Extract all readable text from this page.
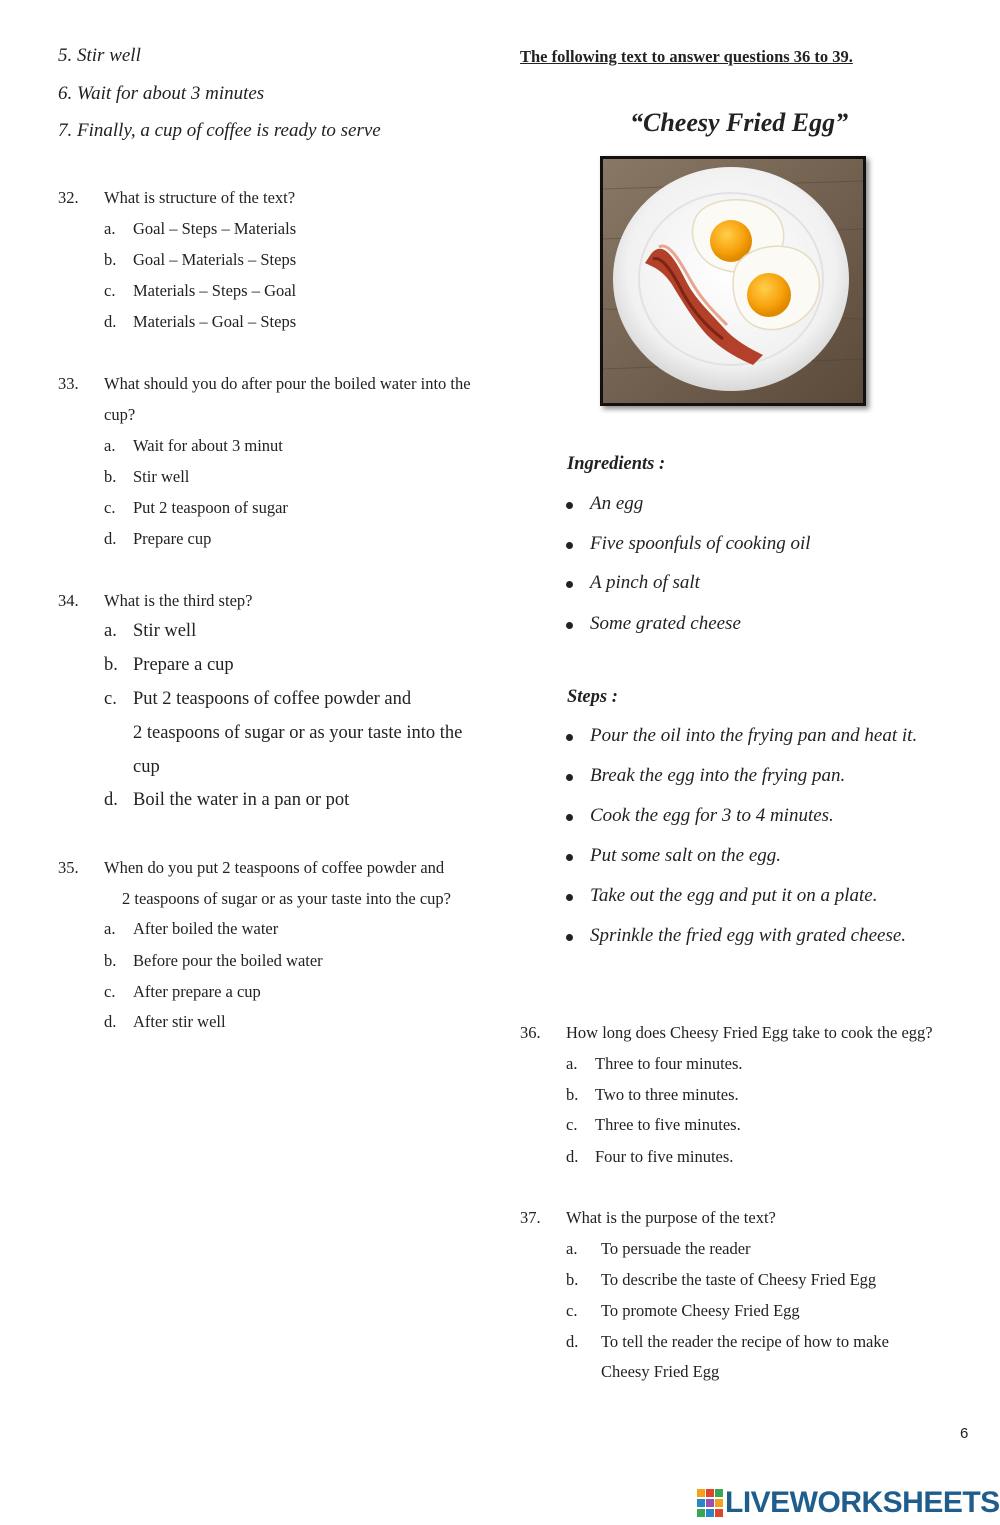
5. Stir well
6. Wait for about 3 minutes
7. Finally, a cup of coffee is ready to serve
32. What is structure of the text?
a. Goal – Steps – Materials
b. Goal – Materials – Steps
c. Materials – Steps – Goal
d. Materials – Goal – Steps
33. What should you do after pour the boiled water into the
cup?
a. Wait for about 3 minut
b. Stir well
c. Put 2 teaspoon of sugar
d. Prepare cup
34. What is the third step?
a. Stir well
b. Prepare a cup
c. Put 2 teaspoons of coffee powder and
2 teaspoons of sugar or as your taste into the
cup
d. Boil the water in a pan or pot
35. When do you put 2 teaspoons of coffee powder and
2 teaspoons of sugar or as your taste into the cup?
a. After boiled the water
b. Before pour the boiled water
c. After prepare a cup
d. After stir well
The following text to answer questions 36 to 39.
“Cheesy Fried Egg”
Ingredients :
An egg
Five spoonfuls of cooking oil
A pinch of salt
Some grated cheese
Steps :
Pour the oil into the frying pan and heat it.
Break the egg into the frying pan.
Cook the egg for 3 to 4 minutes.
Put some salt on the egg.
Take out the egg and put it on a plate.
Sprinkle the fried egg with grated cheese.
36. How long does Cheesy Fried Egg take to cook the egg?
a. Three to four minutes.
b. Two to three minutes.
c. Three to five minutes.
d. Four to five minutes.
37. What is the purpose of the text?
a. To persuade the reader
b. To describe the taste of Cheesy Fried Egg
c. To promote Cheesy Fried Egg
d. To tell the reader the recipe of how to make
Cheesy Fried Egg
6
LIVEWORKSHEETS
